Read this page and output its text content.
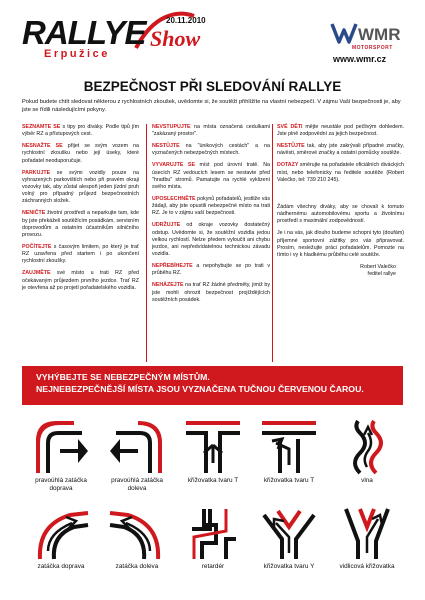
RALLYE	20.11.2010
Show
Erpužice
WMR
MOTORSPORT
www.wmr.cz
BEZPEČNOST PŘI SLEDOVÁNÍ RALLYE
Pokud budete chtít sledovat některou z rychlostních zkoušek, uvědomte si, že soutěži přihlížíte na vlastní nebezpečí. V zájmu Vaší bezpečnosti je, aby jste se řídili následujícími pokyny.

SEZNAMTE SE s tipy pro diváky. Podle tipů jím výběr RZ a přístupových cest.

NESNAŽTE SE přijet se svým vozem na rychlostní zkoušku nebo její úseky, které pořadatel neoduporučuje.

PARKUJTE se svými vozidly pouze na vyhrazených parkovištích nebo při pravém okraji vozovky tak, aby zůstal alespoň jeden jízdní pruh volný pro případný průjezd bezpečnostních záchranných složek.

NENIČTE životní prostředí a neparkujte tam, kde by jste překáželi soutěžícím posádkám, servisním doprovodům a ostatním účastníkům silničního provozu.

POČÍTEJTE s časovým limitem, po který je trať RZ uzavřena před startem i po ukončení rychlostní zkoušky.

ZAUJMĚTE své místo u trati RZ před očekávaným průjezdem prvního jezdce. Trať RZ je otevřena až po projetí pořadatelského vozidla.

NEVSTUPUJTE na místa označená cedulkami "zakázaný prostor".

NESTŮJTE na "únikových cestách" a na vyznačených nebezpečných místech.

VYVARUJTE SE míst pod úrovní tratě. Na úsecích RZ vedoucích lesem se nestavte před "hradbu" stromů. Pamatujte na rychlé vyklizení svého místa.

UPOSLECHNĚTE pokynů pořadatelů, jestliže vás žádají, aby jste opustili nebezpečné místo na trati RZ. Je to v zájmu vaší bezpečnosti.

UDRŽUJTE od okraje vozovky dostatečný odstup. Uvědomte si, že soutěžní vozidla jedou velkou rychlostí. Nelze předem vyloučit ani chybu jezdce, ani nepředvídatelnou technickou závadu vozidla.

NEPŘEBÍHEJTE a nepohybujte se po trati v průběhu RZ.

NEHÁZEJTE na trať RZ žádné předměty, jimiž by jste mohli ohrozit bezpečnost projíždějících soutěžních posádek.

SVÉ DĚTI mějte neustále pod pečlivým dohledem. Jste plně zodpovědní za jejich bezpečnost.

NESTŮJTE tak, aby jste zakrývali případné značky, návěsti, směrové značky a ostatní pomůcky soutěže.

DOTAZY směrujte na pořadatele oficiálních diváckých míst, nebo telefonicky na ředitele soutěže (Robert Valečko, tel: 739 210 245).

Žádám všechny diváky, aby se chovali k tomuto nádhernému automobilovému sportu a životnímu prostředí s maximální zodpovědností.

Je i na vás, jak dlouho budeme schopni tyto (doufám) příjemné sportovní zážitky pro vás připravovat. Prosím, nesležujte práci pořadatelům. Pomozte na tímto i vy k hladkému průběhu celé soutěže.

Robert Valečko
ředitel rallye
VYHÝBEJTE SE NEBEZPEČNÝM MÍSTŮM.
NEJNEBEZPEČNĚJŠÍ MÍSTA JSOU VYZNAČENA TUČNOU ČERVENOU ČAROU.
pravoúhlá zatáčka doprava
pravoúhlá zatáčka doleva
křižovatka tvaru T	křižovatka tvaru T	vlna
zatáčka doprava	zatáčka doleva	retardér	křižovatka tvaru Y	vidlicová křižovatka
